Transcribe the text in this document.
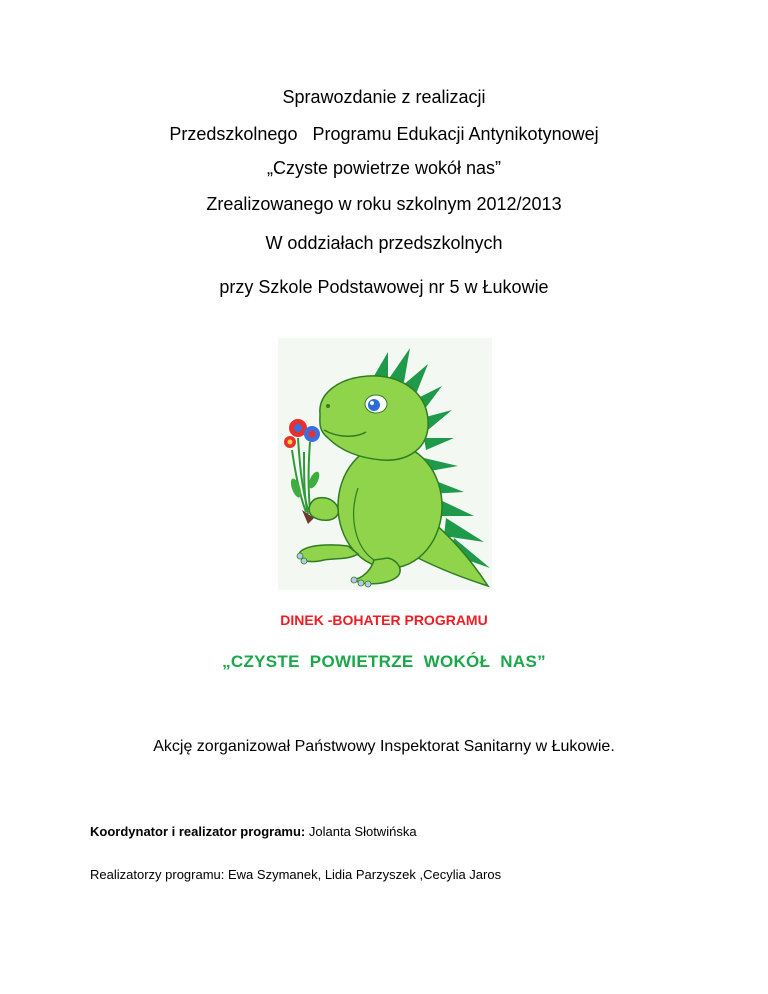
Sprawozdanie z realizacji
Przedszkolnego   Programu Edukacji Antynikotynowej
„Czyste powietrze wokół nas”
Zrealizowanego w roku szkolnym 2012/2013
W oddziałach przedszkolnych
przy Szkole Podstawowej nr 5 w Łukowie
DINEK -BOHATER PROGRAMU
„CZYSTE  POWIETRZE  WOKÓŁ  NAS”
Akcję zorganizował Państwowy Inspektorat Sanitarny w Łukowie.
Koordynator i realizator programu: Jolanta Słotwińska
Realizatorzy programu: Ewa Szymanek, Lidia Parzyszek ,Cecylia Jaros
